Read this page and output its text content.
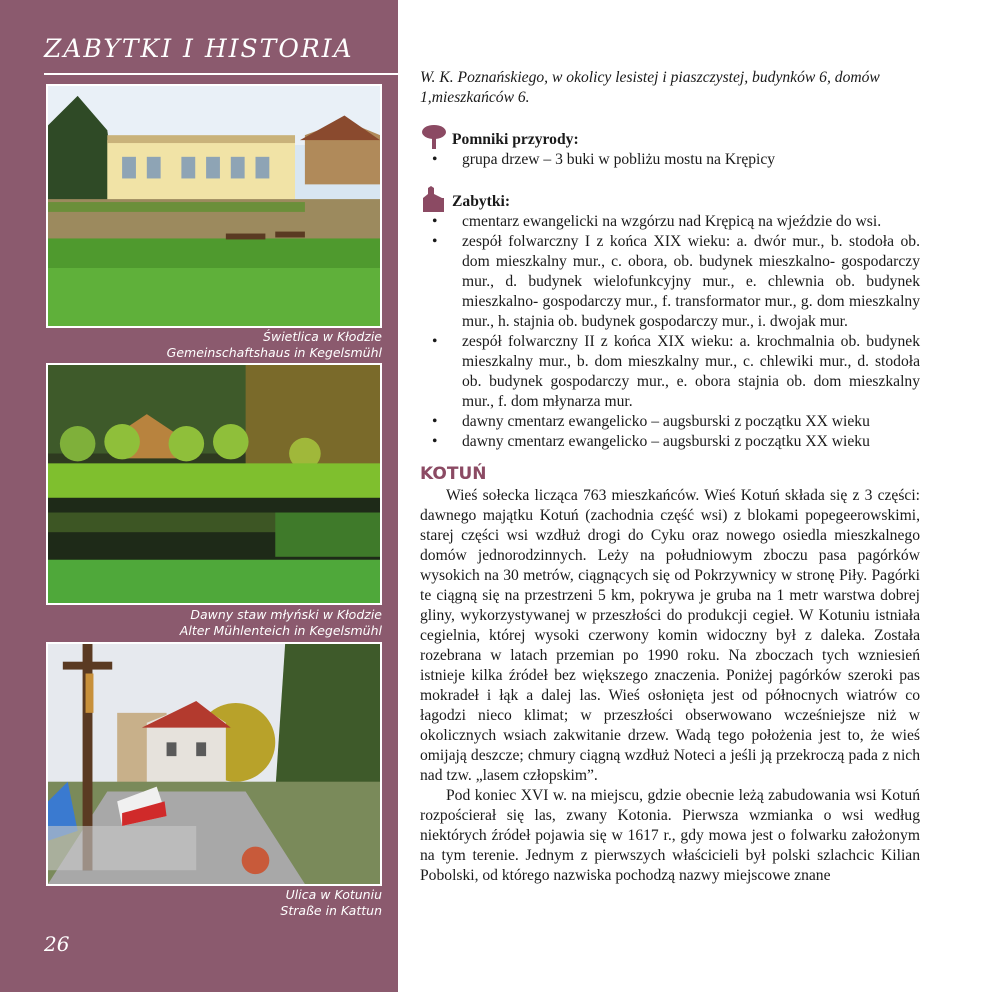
ZABYTKI I HISTORIA
Świetlica w Kłodzie
Gemeinschaftshaus in Kegelsmühl
Dawny staw młyński w Kłodzie
Alter Mühlenteich in Kegelsmühl
Ulica w Kotuniu
Straße in Kattun
26

W. K. Poznańskiego, w okolicy lesistej i piaszczystej, budynków 6, domów 1,mieszkańców 6.

Pomniki przyrody:
• grupa drzew – 3 buki w pobliżu mostu na Krępicy
Zabytki:
• cmentarz ewangelicki na wzgórzu nad Krępicą na wjeździe do wsi.
• zespół folwarczny I z końca XIX wieku: a. dwór mur., b. stodoła ob. dom mieszkalny mur., c. obora, ob. budynek mieszkalno- gospodarczy mur., d. budynek wielofunkcyjny mur., e. chlewnia ob. budynek mieszkalno- gospodarczy mur., f. transformator mur., g. dom mieszkalny mur., h. stajnia ob. budynek gospodarczy mur., i. dwojak mur.
• zespół folwarczny II z końca XIX wieku: a. krochmalnia ob. budynek mieszkalny mur., b. dom mieszkalny mur., c. chlewiki mur., d. stodoła ob. budynek gospodarczy mur., e. obora stajnia ob. dom mieszkalny mur., f. dom młynarza mur.
• dawny cmentarz ewangelicko – augsburski z początku XX wieku
• dawny cmentarz ewangelicko – augsburski z początku XX wieku
KOTUŃ

Wieś sołecka licząca 763 mieszkańców. Wieś Kotuń składa się z 3 części: dawnego majątku Kotuń (zachodnia część wsi) z blokami popegeerowskimi, starej części wsi wzdłuż drogi do Cyku oraz nowego osiedla mieszkalnego domów jednorodzinnych. Leży na południowym zboczu pasa pagórków wysokich na 30 metrów, ciągnących się od Pokrzywnicy w stronę Piły. Pagórki te ciągną się na przestrzeni 5 km, pokrywa je gruba na 1 metr warstwa dobrej gliny, wykorzystywanej w przeszłości do produkcji cegieł. W Kotuniu istniała cegielnia, której wysoki czerwony komin widoczny był z daleka. Została rozebrana w latach przemian po 1990 roku. Na zboczach tych wzniesień istnieje kilka źródeł bez większego znaczenia. Poniżej pagórków szeroki pas mokradeł i łąk a dalej las. Wieś osłonięta jest od północnych wiatrów co łagodzi nieco klimat; w przeszłości obserwowano wcześniejsze niż w okolicznych wsiach zakwitanie drzew. Wadą tego położenia jest to, że wieś omijają deszcze; chmury ciągną wzdłuż Noteci a jeśli ją przekroczą pada z nich nad tzw. „lasem człopskim”.

Pod koniec XVI w. na miejscu, gdzie obecnie leżą zabudowania wsi Kotuń rozpościerał się las, zwany Kotonia. Pierwsza wzmianka o wsi według niektórych źródeł pojawia się w 1617 r., gdy mowa jest o folwarku założonym na tym terenie. Jednym z pierwszych właścicieli był polski szlachcic Kilian Pobolski, od którego nazwiska pochodzą nazwy miejscowe znane
